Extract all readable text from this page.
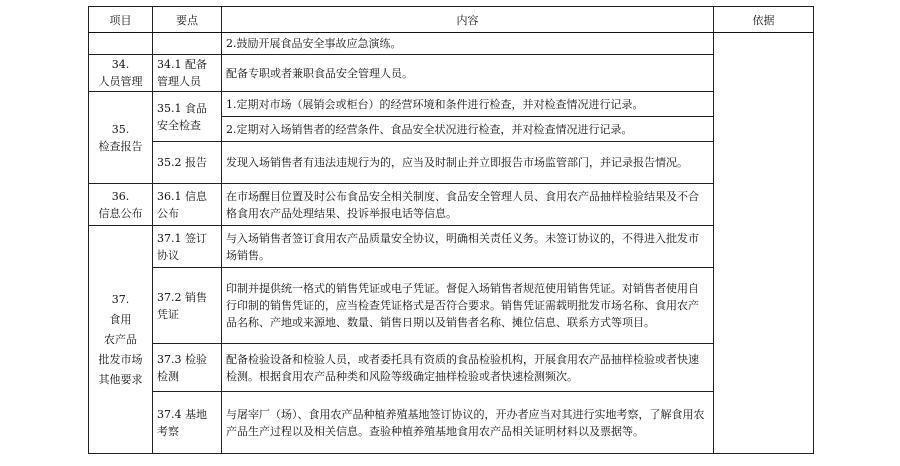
项目	要点	内容	依据
		2.鼓励开展食品安全事故应急演练。	
34.
人员管理	34.1 配备管理人员	配备专职或者兼职食品安全管理人员。	
35.
检查报告	35.1 食品安全检查	1.定期对市场（展销会或柜台）的经营环境和条件进行检查，并对检查情况进行记录。	
		2.定期对入场销售者的经营条件、食品安全状况进行检查，并对检查情况进行记录。	
	35.2 报告	发现入场销售者有违法违规行为的，应当及时制止并立即报告市场监管部门，并记录报告情况。	
36.
信息公布	36.1 信息公布	在市场醒目位置及时公布食品安全相关制度、食品安全管理人员、食用农产品抽样检验结果及不合格食用农产品处理结果、投诉举报电话等信息。	
37.
食用
农产品
批发市场
其他要求	37.1 签订协议	与入场销售者签订食用农产品质量安全协议，明确相关责任义务。未签订协议的，不得进入批发市场销售。	
	37.2 销售凭证	印制并提供统一格式的销售凭证或电子凭证。督促入场销售者规范使用销售凭证。对销售者使用自行印制的销售凭证的，应当检查凭证格式是否符合要求。销售凭证需载明批发市场名称、食用农产品名称、产地或来源地、数量、销售日期以及销售者名称、摊位信息、联系方式等项目。	
	37.3 检验检测	配备检验设备和检验人员，或者委托具有资质的食品检验机构，开展食用农产品抽样检验或者快速检测。根据食用农产品种类和风险等级确定抽样检验或者快速检测频次。	
	37.4 基地考察	与屠宰厂（场）、食用农产品种植养殖基地签订协议的，开办者应当对其进行实地考察，了解食用农产品生产过程以及相关信息。查验种植养殖基地食用农产品相关证明材料以及票据等。	
